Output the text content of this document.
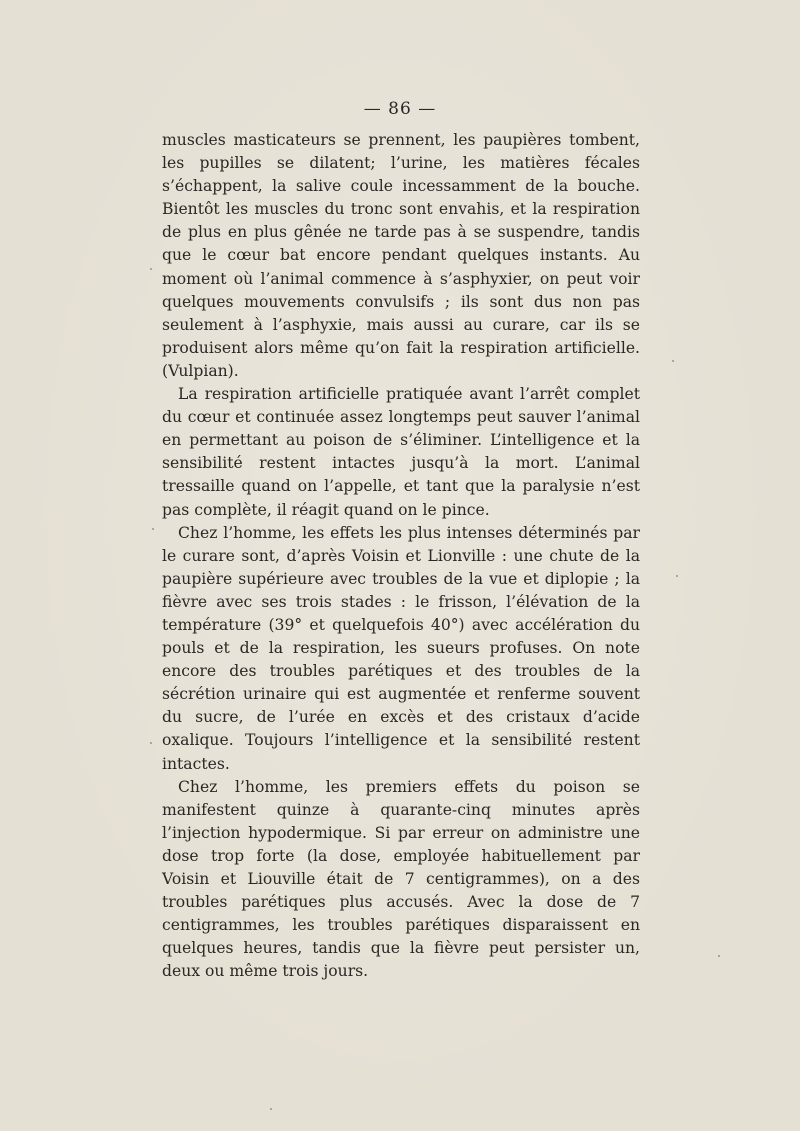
— 86 —

muscles masticateurs se prennent, les paupières tombent, les pupilles se dilatent; l’urine, les matières fécales s’échappent, la salive coule incessamment de la bouche. Bientôt les muscles du tronc sont envahis, et la respiration de plus en plus gênée ne tarde pas à se suspendre, tandis que le cœur bat encore pendant quelques instants. Au moment où l’animal commence à s’asphyxier, on peut voir quelques mouvements convulsifs ; ils sont dus non pas seulement à l’asphyxie, mais aussi au curare, car ils se produisent alors même qu’on fait la respiration artificielle. (Vulpian).

La respiration artificielle pratiquée avant l’arrêt complet du cœur et continuée assez longtemps peut sauver l’animal en permettant au poison de s’éliminer. L’intelligence et la sensibilité restent intactes jusqu’à la mort. L’animal tressaille quand on l’appelle, et tant que la paralysie n’est pas complète, il réagit quand on le pince.

Chez l’homme, les effets les plus intenses déterminés par le curare sont, d’après Voisin et Lionville : une chute de la paupière supérieure avec troubles de la vue et diplopie ; la fièvre avec ses trois stades : le frisson, l’élévation de la température (39° et quelquefois 40°) avec accélération du pouls et de la respiration, les sueurs profuses. On note encore des troubles parétiques et des troubles de la sécrétion urinaire qui est augmentée et renferme souvent du sucre, de l’urée en excès et des cristaux d’acide oxalique. Toujours l’intelligence et la sensibilité restent intactes.

Chez l’homme, les premiers effets du poison se manifestent quinze à quarante-cinq minutes après l’injection hypodermique. Si par erreur on administre une dose trop forte (la dose, employée habituellement par Voisin et Liouville était de 7 centigrammes), on a des troubles parétiques plus accusés. Avec la dose de 7 centigrammes, les troubles parétiques disparaissent en quelques heures, tandis que la fièvre peut persister un, deux ou même trois jours.
